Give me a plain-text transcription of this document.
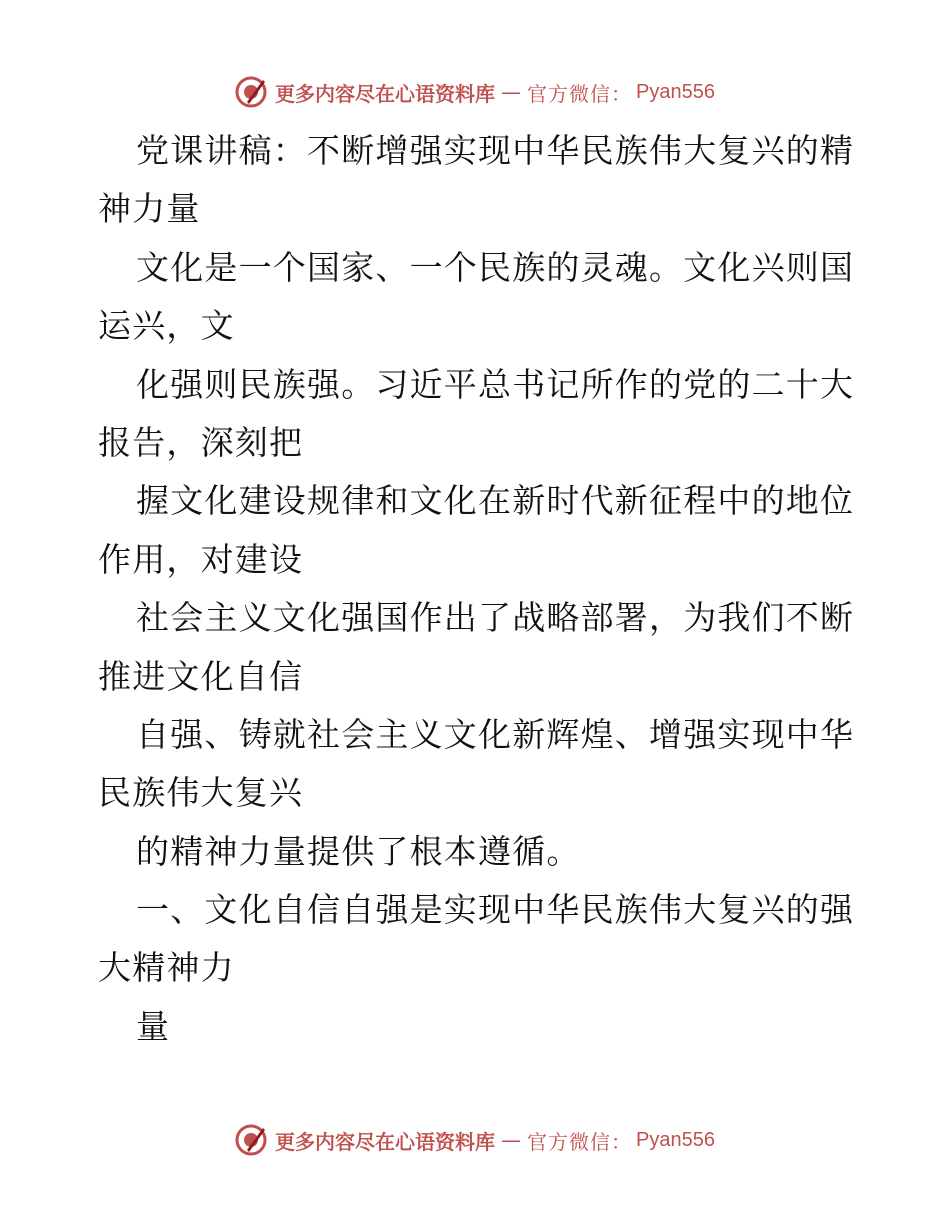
更多内容尽在心语资料库 — 官方微信： Pyan556
党课讲稿：不断增强实现中华民族伟大复兴的精
神力量
文化是一个国家、一个民族的灵魂。文化兴则国
运兴，文
化强则民族强。习近平总书记所作的党的二十大
报告，深刻把
握文化建设规律和文化在新时代新征程中的地位
作用，对建设
社会主义文化强国作出了战略部署，为我们不断
推进文化自信
自强、铸就社会主义文化新辉煌、增强实现中华
民族伟大复兴
的精神力量提供了根本遵循。
一、文化自信自强是实现中华民族伟大复兴的强
大精神力
量
更多内容尽在心语资料库 — 官方微信： Pyan556
